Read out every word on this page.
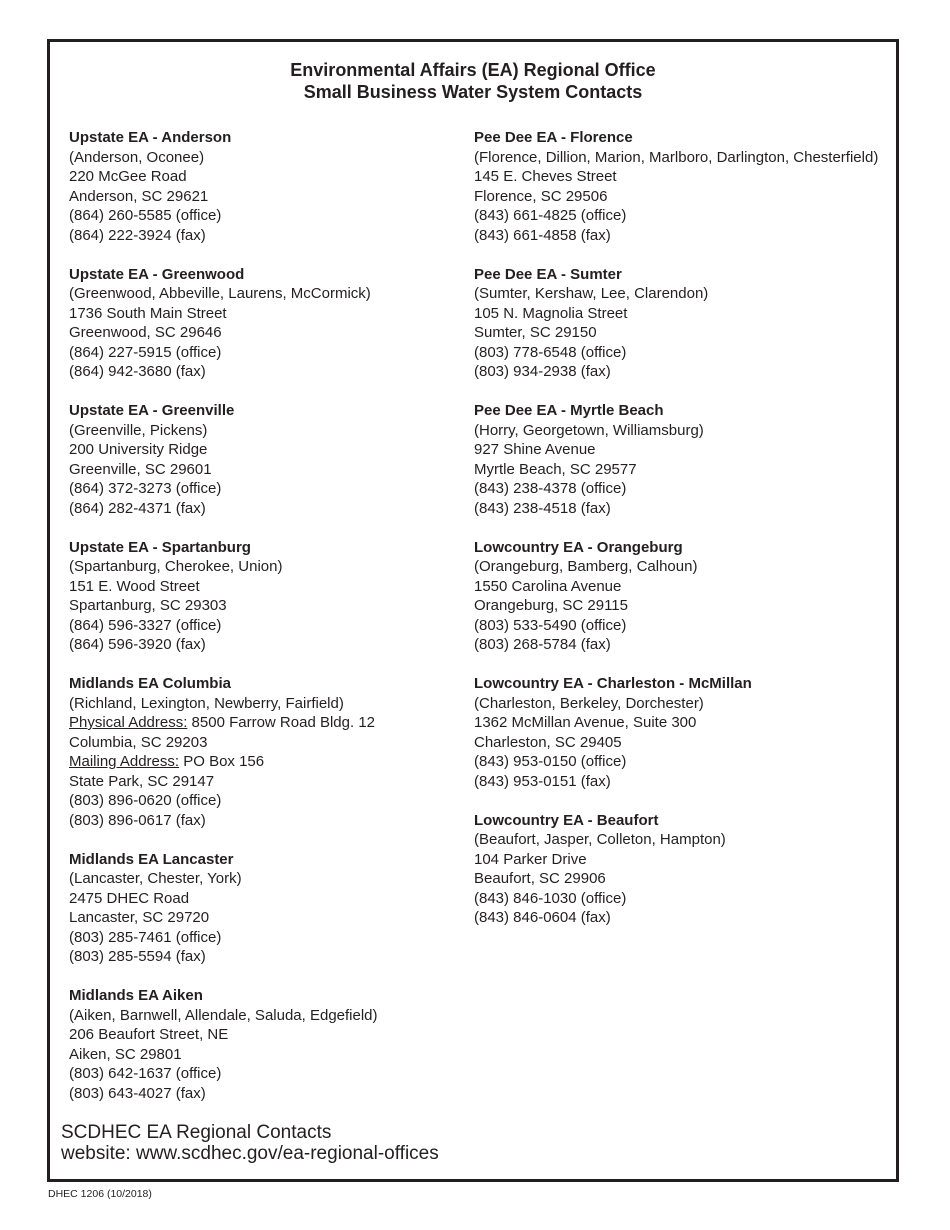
Environmental Affairs (EA) Regional Office
Small Business Water System Contacts
Upstate EA - Anderson
(Anderson, Oconee)
220 McGee Road
Anderson, SC 29621
(864) 260-5585 (office)
(864) 222-3924 (fax)
Upstate EA - Greenwood
(Greenwood, Abbeville, Laurens, McCormick)
1736 South Main Street
Greenwood, SC 29646
(864) 227-5915 (office)
(864) 942-3680 (fax)
Upstate EA - Greenville
(Greenville, Pickens)
200 University Ridge
Greenville, SC 29601
(864) 372-3273 (office)
(864) 282-4371 (fax)
Upstate EA - Spartanburg
(Spartanburg, Cherokee, Union)
151 E. Wood Street
Spartanburg, SC 29303
(864) 596-3327 (office)
(864) 596-3920 (fax)
Midlands EA Columbia
(Richland, Lexington, Newberry, Fairfield)
Physical Address: 8500 Farrow Road Bldg. 12
Columbia, SC 29203
Mailing Address: PO Box 156
State Park, SC 29147
(803) 896-0620 (office)
(803) 896-0617 (fax)
Midlands EA Lancaster
(Lancaster, Chester, York)
2475 DHEC Road
Lancaster, SC 29720
(803) 285-7461 (office)
(803) 285-5594 (fax)
Midlands EA Aiken
(Aiken, Barnwell, Allendale, Saluda, Edgefield)
206 Beaufort Street, NE
Aiken, SC 29801
(803) 642-1637 (office)
(803) 643-4027 (fax)
Pee Dee EA - Florence
(Florence, Dillion, Marion, Marlboro, Darlington, Chesterfield)
145 E. Cheves Street
Florence, SC 29506
(843) 661-4825 (office)
(843) 661-4858 (fax)
Pee Dee EA - Sumter
(Sumter, Kershaw, Lee, Clarendon)
105 N. Magnolia Street
Sumter, SC 29150
(803) 778-6548 (office)
(803) 934-2938 (fax)
Pee Dee EA - Myrtle Beach
(Horry, Georgetown, Williamsburg)
927 Shine Avenue
Myrtle Beach, SC 29577
(843) 238-4378 (office)
(843) 238-4518 (fax)
Lowcountry EA - Orangeburg
(Orangeburg, Bamberg, Calhoun)
1550 Carolina Avenue
Orangeburg, SC 29115
(803) 533-5490 (office)
(803) 268-5784 (fax)
Lowcountry EA - Charleston - McMillan
(Charleston, Berkeley, Dorchester)
1362 McMillan Avenue, Suite 300
Charleston, SC 29405
(843) 953-0150 (office)
(843) 953-0151 (fax)
Lowcountry EA - Beaufort
(Beaufort, Jasper, Colleton, Hampton)
104 Parker Drive
Beaufort, SC 29906
(843) 846-1030 (office)
(843) 846-0604 (fax)
SCDHEC EA Regional Contacts
website: www.scdhec.gov/ea-regional-offices
DHEC 1206 (10/2018)
